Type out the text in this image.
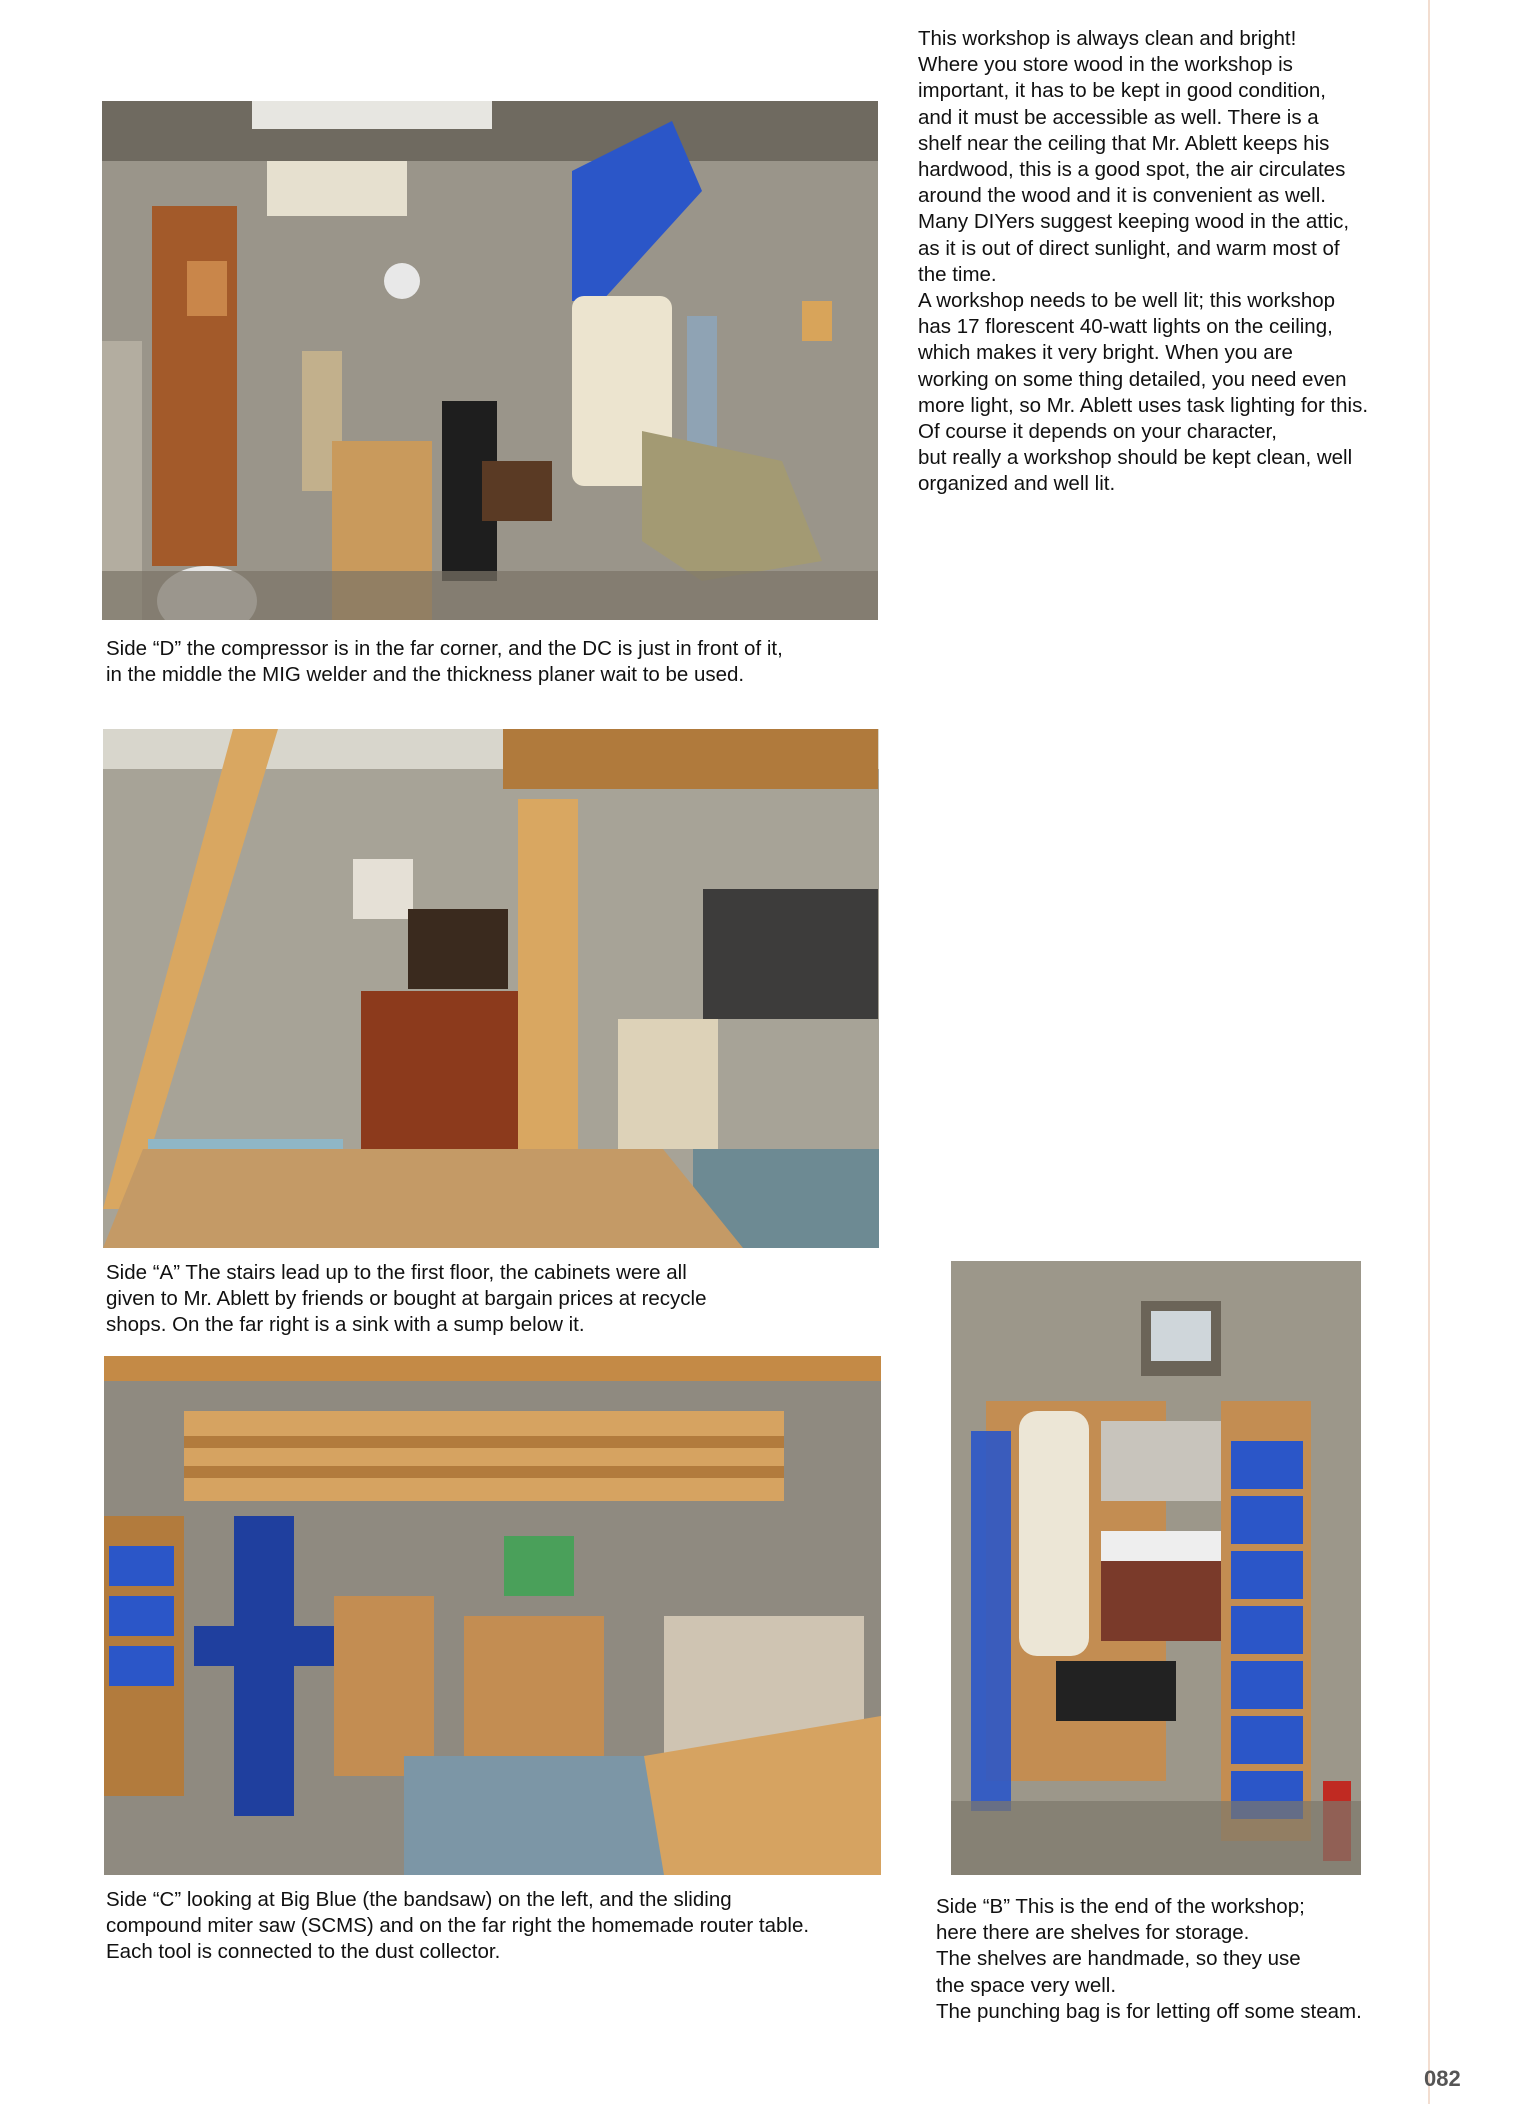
This workshop is always clean and bright!
Where you store wood in the workshop is
important, it has to be kept in good condition,
and it must be accessible as well. There is a
shelf near the ceiling that Mr. Ablett keeps his
hardwood, this is a good spot, the air circulates
around the wood and it is convenient as well.
Many DIYers suggest keeping wood in the attic,
as it is out of direct sunlight, and warm most of
the time.
A workshop needs to be well lit; this workshop
has 17 florescent 40-watt lights on the ceiling,
which makes it very bright. When you are
working on some thing detailed, you need even
more light, so Mr. Ablett uses task lighting for this.
Of course it depends on your character,
but really a workshop should be kept clean, well
organized and well lit.
Side “D” the compressor is in the far corner, and the DC is just in front of it,
in the middle the MIG welder and the thickness planer wait to be used.
Side “A” The stairs lead up to the first floor, the cabinets were all
given to Mr. Ablett by friends or bought at bargain prices at recycle
shops. On the far right is a sink with a sump below it.
Side “C” looking at Big Blue (the bandsaw) on the left, and the sliding
compound miter saw (SCMS) and on the far right the homemade router table.
Each tool is connected to the dust collector.
Side “B” This is the end of the workshop;
here there are shelves for storage.
The shelves are handmade, so they use
the space very well.
The punching bag is for letting off some steam.
082
